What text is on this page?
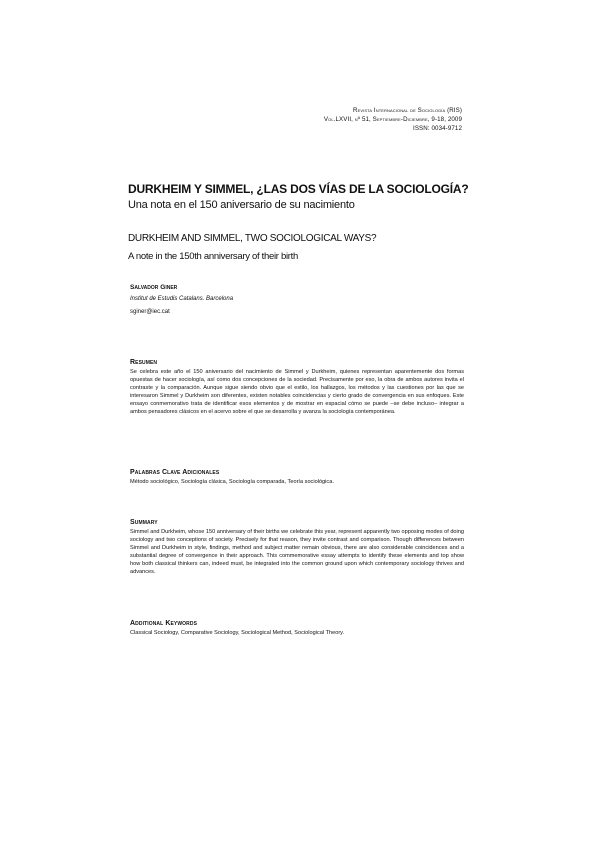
Revista Internacional de Sociología (RIS)
Vol.LXVII, nº 51, Septiembre-Diciembre, 9-18, 2009
ISSN: 0034-9712
DURKHEIM Y SIMMEL, ¿LAS DOS VÍAS DE LA SOCIOLOGÍA?
Una nota en el 150 aniversario de su nacimiento
DURKHEIM AND SIMMEL, TWO SOCIOLOGICAL WAYS?
A note in the 150th anniversary of their birth
Salvador Giner
Institut de Estudis Catalans. Barcelona
sginer@iec.cat
Resumen

Se celebra este año el 150 aniversario del nacimiento de Simmel y Durkheim, quienes representan aparentemente dos formas opuestas de hacer sociología, así como dos concepciones de la sociedad. Precisamente por eso, la obra de ambos autores invita el contraste y la comparación. Aunque sigue siendo obvio que el estilo, los hallazgos, los métodos y las cuestiones por las que se interesaron Simmel y Durkheim son diferentes, existen notables coincidencias y cierto grado de convergencia en sus enfoques. Este ensayo conmemorativo trata de identificar esos elementos y de mostrar en espacial cómo se puede –se debe incluso– integrar a ambos pensadores clásicos en el acervo sobre el que se desarrolla y avanza la sociología contemporánea.

Palabras Clave Adicionales

Método sociológico, Sociología clásica, Sociología comparada, Teoría sociológica.

Summary

Simmel and Durkheim, whose 150 anniversary of their births we celebrate this year, represent apparently two opposing modes of doing sociology and two conceptions of society. Precisely for that reason, they invite contrast and comparison. Though differences between Simmel and Durkheim in style, findings, method and subject matter remain obvious, there are also considerable coincidences and a substantial degree of convergence in their approach. This commemorative essay attempts to identify these elements and top show how both classical thinkers can, indeed must, be integrated into the common ground upon which contemporary sociology thrives and advances.

Additional Keywords

Classical Sociology, Comparative Sociology, Sociological Method, Sociological Theory.
